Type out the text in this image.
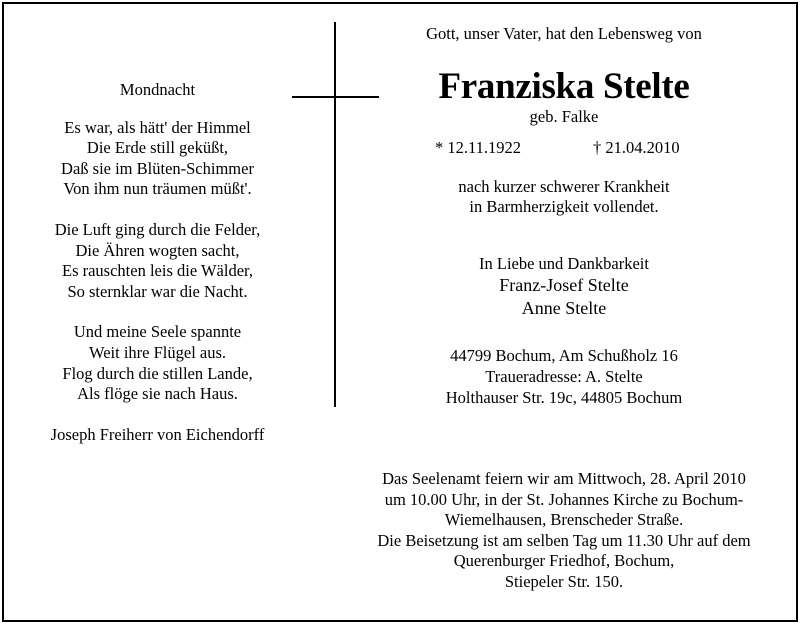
Mondnacht
Es war, als hätt' der Himmel
Die Erde still geküßt,
Daß sie im Blüten-Schimmer
Von ihm nun träumen müßt'.
Die Luft ging durch die Felder,
Die Ähren wogten sacht,
Es rauschten leis die Wälder,
So sternklar war die Nacht.
Und meine Seele spannte
Weit ihre Flügel aus.
Flog durch die stillen Lande,
Als flöge sie nach Haus.
Joseph Freiherr von Eichendorff
Gott, unser Vater, hat den Lebensweg von
Franziska Stelte
geb. Falke
* 12.11.1922	† 21.04.2010
nach kurzer schwerer Krankheit
in Barmherzigkeit vollendet.
In Liebe und Dankbarkeit
Franz-Josef Stelte
Anne Stelte
44799 Bochum, Am Schußholz 16
Traueradresse: A. Stelte
Holthauser Str. 19c, 44805 Bochum
Das Seelenamt feiern wir am Mittwoch, 28. April 2010
um 10.00 Uhr, in der St. Johannes Kirche zu Bochum-
Wiemelhausen, Brenscheder Straße.
Die Beisetzung ist am selben Tag um 11.30 Uhr auf dem
Querenburger Friedhof, Bochum,
Stiepeler Str. 150.
